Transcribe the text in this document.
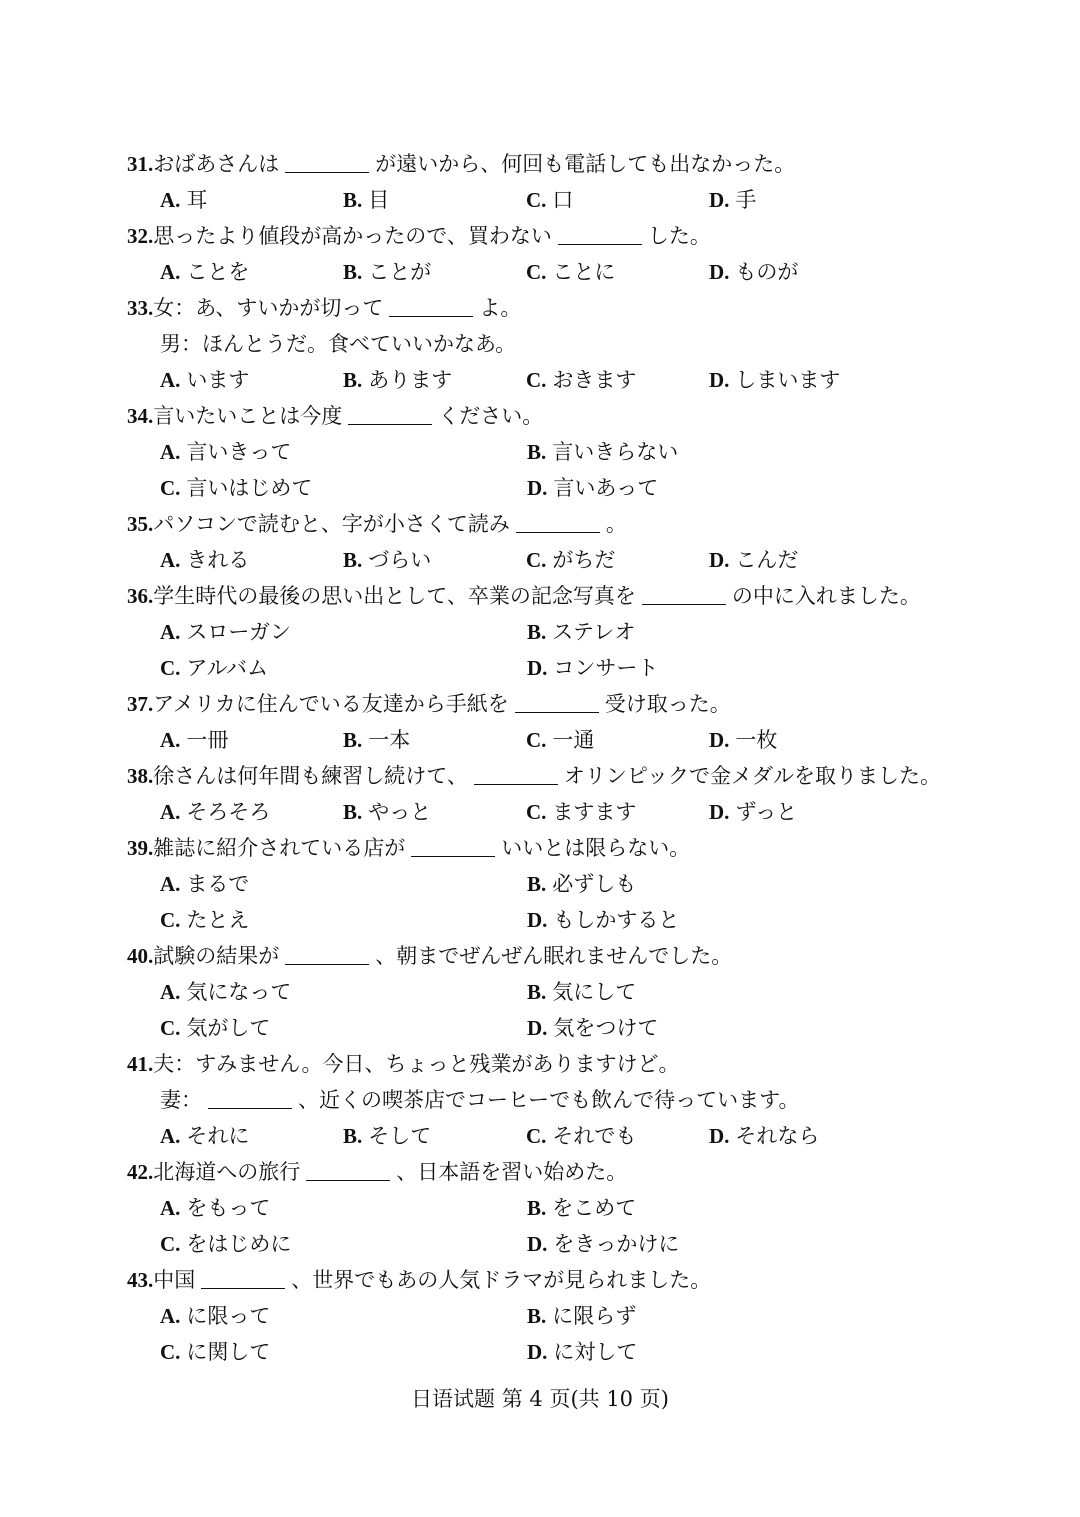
31. おばあさんは	が遠いから、何回も電話しても出なかった。
A. 耳	B. 目	C. 口	D. 手
32. 思ったより値段が高かったので、買わない	した。
A. ことを	B. ことが	C. ことに	D. ものが
33. 女：あ、すいかが切って	よ。
男：ほんとうだ。食べていいかなあ。
A. います	B. あります	C. おきます	D. しまいます
34. 言いたいことは今度	ください。
A. 言いきって	B. 言いきらない
C. 言いはじめて	D. 言いあって
35. パソコンで読むと、字が小さくて読み	。
A. きれる	B. づらい	C. がちだ	D. こんだ
36. 学生時代の最後の思い出として、卒業の記念写真を	の中に入れました。
A. スローガン	B. ステレオ
C. アルバム	D. コンサート
37. アメリカに住んでいる友達から手紙を	受け取った。
A. 一冊	B. 一本	C. 一通	D. 一枚
38. 徐さんは何年間も練習し続けて、	オリンピックで金メダルを取りました。
A. そろそろ	B. やっと	C. ますます	D. ずっと
39. 雑誌に紹介されている店が	いいとは限らない。
A. まるで	B. 必ずしも
C. たとえ	D. もしかすると
40. 試験の結果が	、朝までぜんぜん眠れませんでした。
A. 気になって	B. 気にして
C. 気がして	D. 気をつけて
41. 夫：すみません。今日、ちょっと残業がありますけど。
妻：	、近くの喫茶店でコーヒーでも飲んで待っています。
A. それに	B. そして	C. それでも	D. それなら
42. 北海道への旅行	、日本語を習い始めた。
A. をもって	B. をこめて
C. をはじめに	D. をきっかけに
43. 中国	、世界でもあの人気ドラマが見られました。
A. に限って	B. に限らず
C. に関して	D. に対して
日语试题 第 4 页(共 10 页)
